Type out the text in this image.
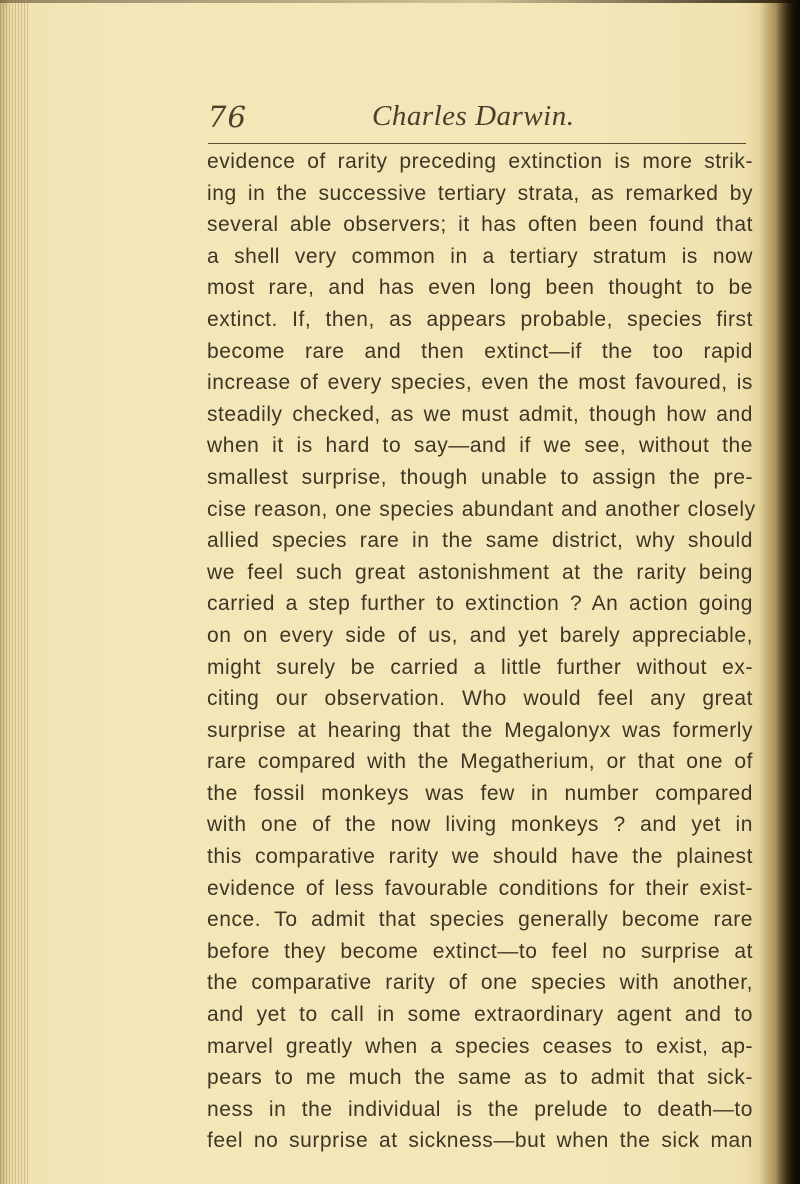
76	Charles Darwin.
evidence of rarity preceding extinction is more strik-
ing in the successive tertiary strata, as remarked by
several able observers; it has often been found that
a shell very common in a tertiary stratum is now
most rare, and has even long been thought to be
extinct. If, then, as appears probable, species first
become rare and then extinct—if the too rapid
increase of every species, even the most favoured, is
steadily checked, as we must admit, though how and
when it is hard to say—and if we see, without the
smallest surprise, though unable to assign the pre-
cise reason, one species abundant and another closely
allied species rare in the same district, why should
we feel such great astonishment at the rarity being
carried a step further to extinction ? An action going
on on every side of us, and yet barely appreciable,
might surely be carried a little further without ex-
citing our observation. Who would feel any great
surprise at hearing that the Megalonyx was formerly
rare compared with the Megatherium, or that one of
the fossil monkeys was few in number compared
with one of the now living monkeys ? and yet in
this comparative rarity we should have the plainest
evidence of less favourable conditions for their exist-
ence. To admit that species generally become rare
before they become extinct—to feel no surprise at
the comparative rarity of one species with another,
and yet to call in some extraordinary agent and to
marvel greatly when a species ceases to exist, ap-
pears to me much the same as to admit that sick-
ness in the individual is the prelude to death—to
feel no surprise at sickness—but when the sick man
